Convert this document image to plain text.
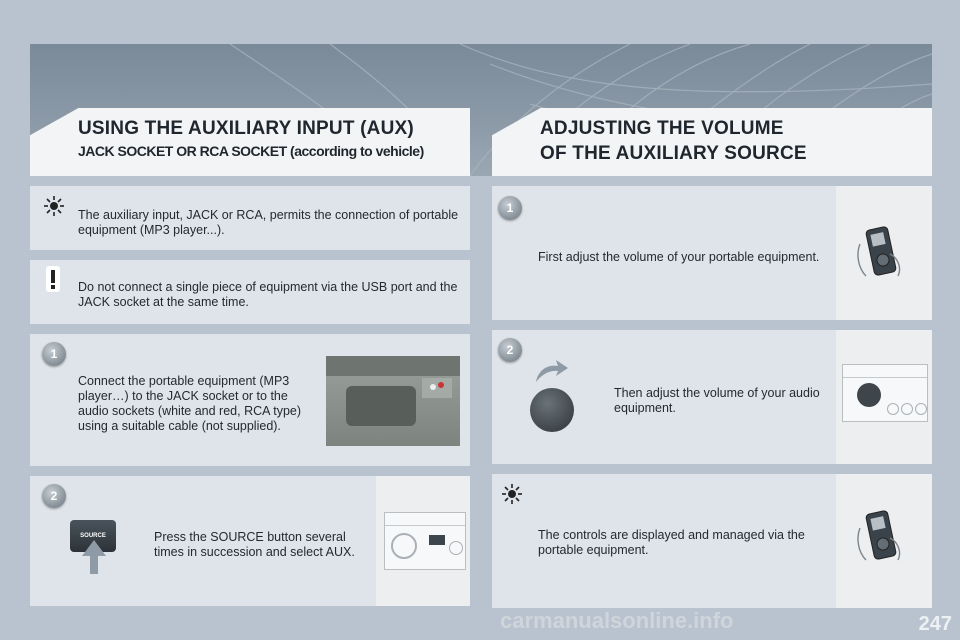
USING THE AUXILIARY INPUT (AUX)
JACK SOCKET OR RCA SOCKET (according to vehicle)
ADJUSTING THE VOLUME
OF THE AUXILIARY SOURCE
The auxiliary input, JACK or RCA, permits the connection of portable equipment (MP3 player...).
Do not connect a single piece of equipment via the USB port and the JACK socket at the same time.
1
Connect the portable equipment (MP3 player…) to the JACK socket or to the audio sockets (white and red, RCA type) using a suitable cable (not supplied).
2
SOURCE	Press the SOURCE button several times in succession and select AUX.
1
First adjust the volume of your portable equipment.
2
Then adjust the volume of your audio equipment.
The controls are displayed and managed via the portable equipment.
carmanualsonline.info	247
